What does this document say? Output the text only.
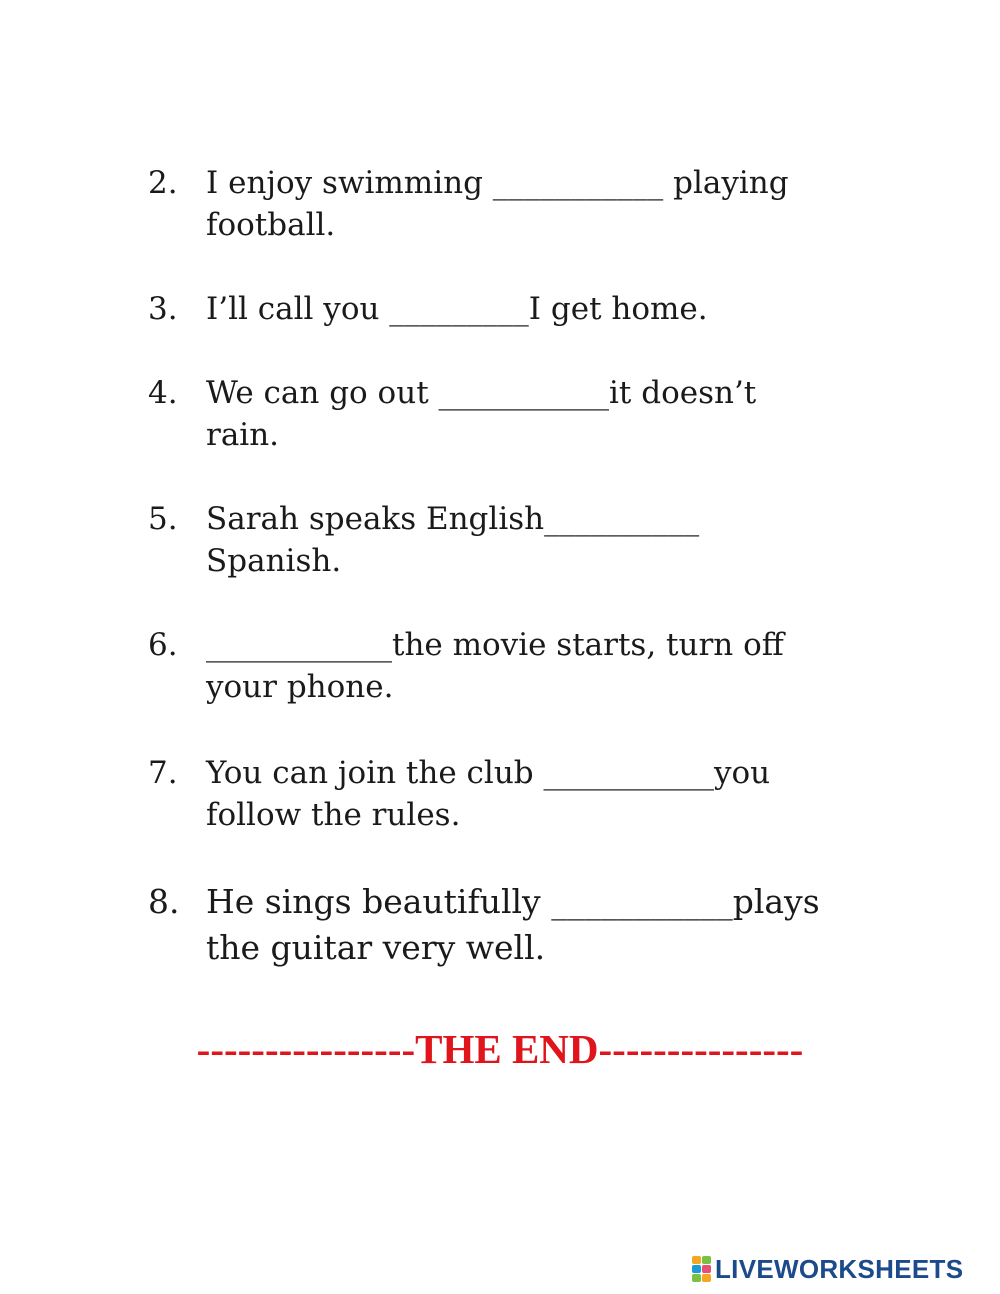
2. I enjoy swimming ___________ playing
football.
3. I’ll call you _________I get home.
4. We can go out ___________it doesn’t
rain.
5. Sarah speaks English__________
Spanish.
6. ____________the movie starts, turn off
your phone.
7. You can join the club ___________you
follow the rules.
8. He sings beautifully ___________plays
the guitar very well.
----------------THE END---------------
LIVEWORKSHEETS
